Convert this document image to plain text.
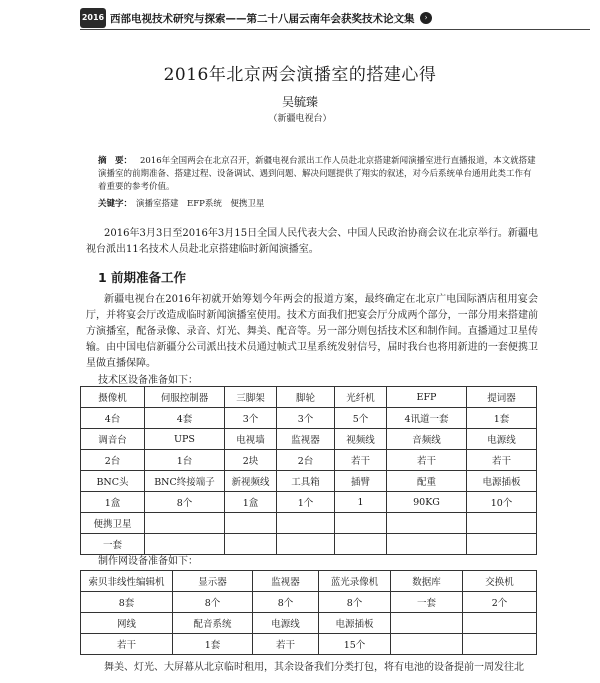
2016 西部电视技术研究与探索——第二十八届云南年会获奖技术论文集	›
2016年北京两会演播室的搭建心得
吴毓臻
（新疆电视台）
摘　要： 2016年全国两会在北京召开，新疆电视台派出工作人员赴北京搭建新闻演播室进行直播报道，本文就搭建演播室的前期准备、搭建过程、设备调试、遇到问题、解决问题提供了翔实的叙述，对今后系统单台通用此类工作有着重要的参考价值。
关键字： 演播室搭建　EFP系统　便携卫星
2016年3月3日至2016年3月15日全国人民代表大会、中国人民政治协商会议在北京举行。新疆电视台派出11名技术人员赴北京搭建临时新闻演播室。
1 前期准备工作
新疆电视台在2016年初就开始筹划今年两会的报道方案，最终确定在北京广电国际酒店租用宴会厅，并将宴会厅改造成临时新闻演播室使用。技术方面我们把宴会厅分成两个部分，一部分用来搭建前方演播室，配备录像、录音、灯光、舞美、配音等。另一部分则包括技术区和制作间。直播通过卫星传输。由中国电信新疆分公司派出技术员通过帧式卫星系统发射信号，届时我台也将用新进的一套便携卫星做直播保障。
技术区设备准备如下：
摄像机	伺服控制器	三脚架	脚轮	光纤机	EFP	提词器
4台	4套	3个	3个	5个	4讯道一套	1套
调音台	UPS	电视墙	监视器	视频线	音频线	电源线
2台	1台	2块	2台	若干	若干	若干
BNC头	BNC终接端子	新视频线	工具箱	插臂	配重	电源插板
1盒	8个	1盒	1个	1	90KG	10个
便携卫星						
一套						
制作网设备准备如下：
索贝非线性编辑机	显示器	监视器	蓝光录像机	数据库	交换机
8套	8个	8个	8个	一套	2个
网线	配音系统	电源线	电源插板		
若干	1套	若干	15个		
舞美、灯光、大屏幕从北京临时租用，其余设备我们分类打包，将有电池的设备提前一周发往北
